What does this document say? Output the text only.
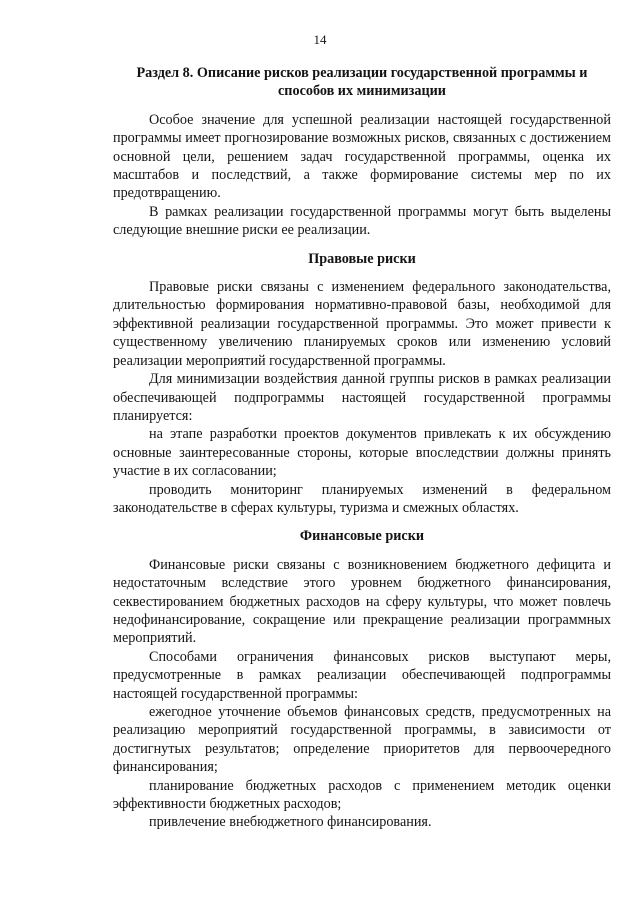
14
Раздел 8. Описание рисков реализации государственной программы и способов их минимизации

Особое значение для успешной реализации настоящей государственной программы имеет прогнозирование возможных рисков, связанных с достижением основной цели, решением задач государственной программы, оценка их масштабов и последствий, а также формирование системы мер по их предотвращению.

В рамках реализации государственной программы могут быть выделены следующие внешние риски ее реализации.

Правовые риски

Правовые риски связаны с изменением федерального законодательства, длительностью формирования нормативно-правовой базы, необходимой для эффективной реализации государственной программы. Это может привести к существенному увеличению планируемых сроков или изменению условий реализации мероприятий государственной программы.

Для минимизации воздействия данной группы рисков в рамках реализации обеспечивающей подпрограммы настоящей государственной программы планируется:

на этапе разработки проектов документов привлекать к их обсуждению основные заинтересованные стороны, которые впоследствии должны принять участие в их согласовании;

проводить мониторинг планируемых изменений в федеральном законодательстве в сферах культуры, туризма и смежных областях.

Финансовые риски

Финансовые риски связаны с возникновением бюджетного дефицита и недостаточным вследствие этого уровнем бюджетного финансирования, секвестированием бюджетных расходов на сферу культуры, что может повлечь недофинансирование, сокращение или прекращение реализации программных мероприятий.

Способами ограничения финансовых рисков выступают меры, предусмотренные в рамках реализации обеспечивающей подпрограммы настоящей государственной программы:

ежегодное уточнение объемов финансовых средств, предусмотренных на реализацию мероприятий государственной программы, в зависимости от достигнутых результатов; определение приоритетов для первоочередного финансирования;

планирование бюджетных расходов с применением методик оценки эффективности бюджетных расходов;

привлечение внебюджетного финансирования.
